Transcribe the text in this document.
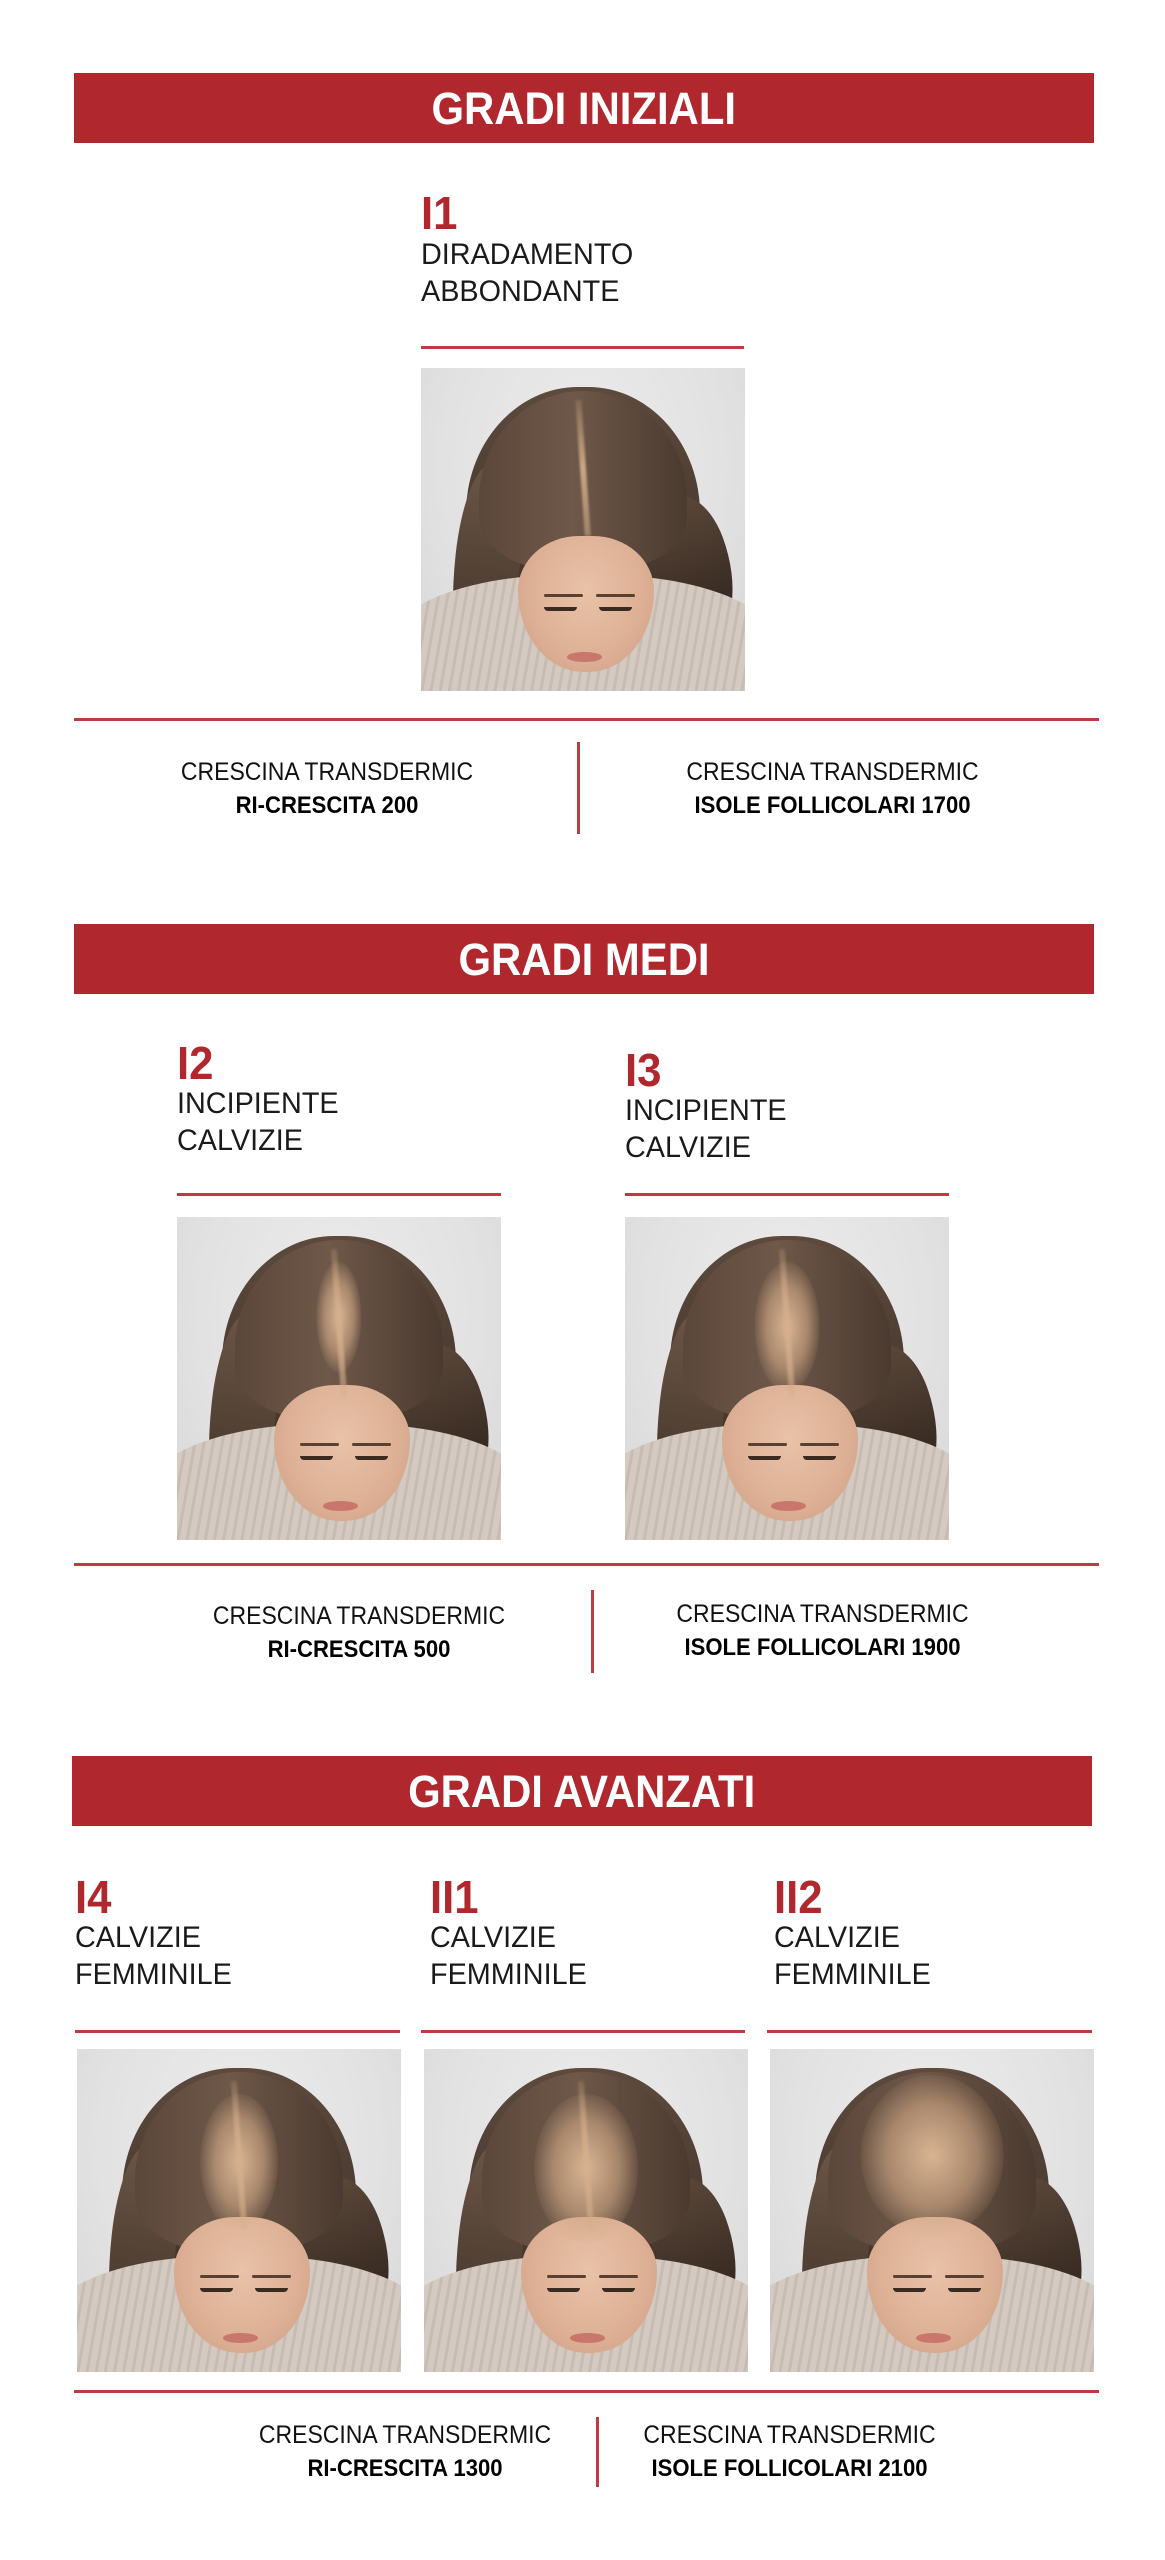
GRADI INIZIALI
I1
DIRADAMENTO
ABBONDANTE
CRESCINA TRANSDERMIC
RI-CRESCITA 200
CRESCINA TRANSDERMIC
ISOLE FOLLICOLARI 1700
GRADI MEDI
I2
INCIPIENTE
CALVIZIE
I3
INCIPIENTE
CALVIZIE
CRESCINA TRANSDERMIC
RI-CRESCITA 500
CRESCINA TRANSDERMIC
ISOLE FOLLICOLARI 1900
GRADI AVANZATI
I4
CALVIZIE
FEMMINILE
II1
CALVIZIE
FEMMINILE
II2
CALVIZIE
FEMMINILE
CRESCINA TRANSDERMIC
RI-CRESCITA 1300
CRESCINA TRANSDERMIC
ISOLE FOLLICOLARI 2100
